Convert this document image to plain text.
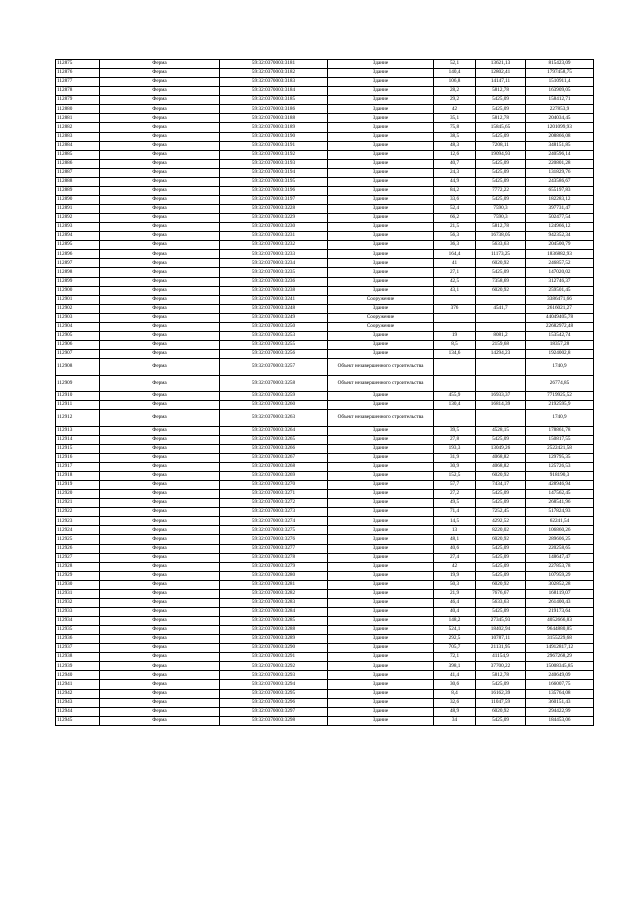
112875	Ферма	59:32:0370003:3181	Здание	52,1	13621,13	815423,09
112876	Ферма	59:32:0370003:3182	Здание	140,4	12802,41	1797458,75
112877	Ферма	59:32:0370003:3183	Здание	106,8	14147,11	1510911,4
112878	Ферма	59:32:0370003:3184	Здание	28,2	5812,78	163909,05
112879	Ферма	59:32:0370003:3185	Здание	29,2	5425,09	158412,71
112880	Ферма	59:32:0370003:3186	Здание	42	5425,09	227853,9
112881	Ферма	59:32:0370003:3188	Здание	35,1	5812,78	204034,45
112882	Ферма	59:32:0370003:3189	Здание	75,8	15845,65	1201099,93
112883	Ферма	59:32:0370003:3190	Здание	38,5	5425,09	208866,08
112884	Ферма	59:32:0370003:3191	Здание	48,3	7208,11	348151,85
112885	Ферма	59:32:0370003:3192	Здание	12,6	19094,93	240596,14
112886	Ферма	59:32:0370003:3193	Здание	40,7	5425,09	220801,28
112887	Ферма	59:32:0370003:3194	Здание	24,3	5425,09	131829,76
112888	Ферма	59:32:0370003:3195	Здание	44,9	5425,09	243586,67
112889	Ферма	59:32:0370003:3196	Здание	84,2	7772,22	655197,83
112890	Ферма	59:32:0370003:3197	Здание	33,6	5425,09	182283,12
112891	Ферма	59:32:0370003:3228	Здание	52,4	7590,3	397731,47
112892	Ферма	59:32:0370003:3229	Здание	66,2	7590,3	502477,54
112893	Ферма	59:32:0370003:3230	Здание	21,5	5812,78	124966,12
112894	Ферма	59:32:0370003:3231	Здание	56,3	16738,05	942352,34
112895	Ферма	59:32:0370003:3232	Здание	36,3	5633,63	204500,79
112896	Ферма	59:32:0370003:3233	Здание	164,4	11173,25	1836882,93
112897	Ферма	59:32:0370003:3234	Здание	41	6020,92	246857,52
112898	Ферма	59:32:0370003:3235	Здание	27,1	5425,09	147020,02
112899	Ферма	59:32:0370003:3236	Здание	42,5	7358,69	312746,37
112900	Ферма	59:32:0370003:3238	Здание	43,1	6020,92	259501,45
112901	Ферма	59:32:0370003:3241	Сооружение			3386471,66
112902	Ферма	59:32:0370003:3248	Здание	376	4541,7	2616021,27
112903	Ферма	59:32:0370003:3249	Сооружение			44049405,78
112904	Ферма	59:32:0370003:3250	Сооружение			22682972,48
112905	Ферма	59:32:0370003:3253	Здание	19	8081,2	153542,74
112906	Ферма	59:32:0370003:3255	Здание	8,5	2159,68	18357,28
112907	Ферма	59:32:0370003:3256	Здание	134,6	14294,23	1924002,8
112908	Ферма	59:32:0370003:3257	Объект незавершенного строительства			1740,9
112909	Ферма	59:32:0370003:3258	Объект незавершенного строительства			26774,85
112910	Ферма	59:32:0370003:3259	Здание	455,9	16933,37	7719925,52
112911	Ферма	59:32:0370003:3260	Здание	130,4	16814,39	2192595,9
112912	Ферма	59:32:0370003:3263	Объект незавершенного строительства			1740,9
112913	Ферма	59:32:0370003:3264	Здание	39,5	4528,15	178861,78
112914	Ферма	59:32:0370003:3265	Здание	27,8	5425,09	150817,55
112915	Ферма	59:32:0370003:3266	Здание	193,3	13049,26	2522421,58
112916	Ферма	59:32:0370003:3267	Здание	31,9	4068,82	129795,35
112917	Ферма	59:32:0370003:3268	Здание	30,9	4068,82	125726,53
112918	Ферма	59:32:0370003:3269	Здание	152,5	6020,92	918190,3
112919	Ферма	59:32:0370003:3270	Здание	57,7	7434,17	428946,94
112920	Ферма	59:32:0370003:3271	Здание	27,2	5425,09	147562,45
112921	Ферма	59:32:0370003:3272	Здание	49,5	5425,09	268541,96
112922	Ферма	59:32:0370003:3273	Здание	71,4	7252,45	517824,93
112923	Ферма	59:32:0370003:3274	Здание	14,5	4292,52	62241,54
112924	Ферма	59:32:0370003:3275	Здание	13	8220,02	106860,26
112925	Ферма	59:32:0370003:3276	Здание	48,1	6020,92	289606,25
112926	Ферма	59:32:0370003:3277	Здание	40,6	5425,09	220258,65
112927	Ферма	59:32:0370003:3278	Здание	27,4	5425,09	148647,47
112928	Ферма	59:32:0370003:3279	Здание	42	5425,09	227853,78
112929	Ферма	59:32:0370003:3280	Здание	19,9	5425,09	107959,29
112930	Ферма	59:32:0370003:3281	Здание	50,3	6020,92	302852,28
112931	Ферма	59:32:0370003:3282	Здание	21,9	7676,67	168119,07
112932	Ферма	59:32:0370003:3283	Здание	46,4	5633,63	261400,43
112933	Ферма	59:32:0370003:3284	Здание	40,4	5425,09	219173,64
112934	Ферма	59:32:0370003:3285	Здание	148,2	27345,93	4052666,83
112935	Ферма	59:32:0370003:3288	Здание	524,1	18402,94	9644880,85
112936	Ферма	59:32:0370003:3289	Здание	292,5	10787,11	3155229,68
112937	Ферма	59:32:0370003:3290	Здание	705,7	21131,95	14912817,12
112938	Ферма	59:32:0370003:3291	Здание	72,1	41154,9	2967268,29
112939	Ферма	59:32:0370003:3292	Здание	398,1	37700,22	15008345,85
112940	Ферма	59:32:0370003:3293	Здание	41,4	5812,78	240649,09
112941	Ферма	59:32:0370003:3294	Здание	30,6	5425,09	166007,75
112942	Ферма	59:32:0370003:3295	Здание	8,4	16162,39	135764,08
112943	Ферма	59:32:0370003:3296	Здание	32,6	11047,59	360151,43
112944	Ферма	59:32:0370003:3297	Здание	48,9	6020,92	294422,99
112945	Ферма	59:32:0370003:3298	Здание	34	5425,09	184453,06
